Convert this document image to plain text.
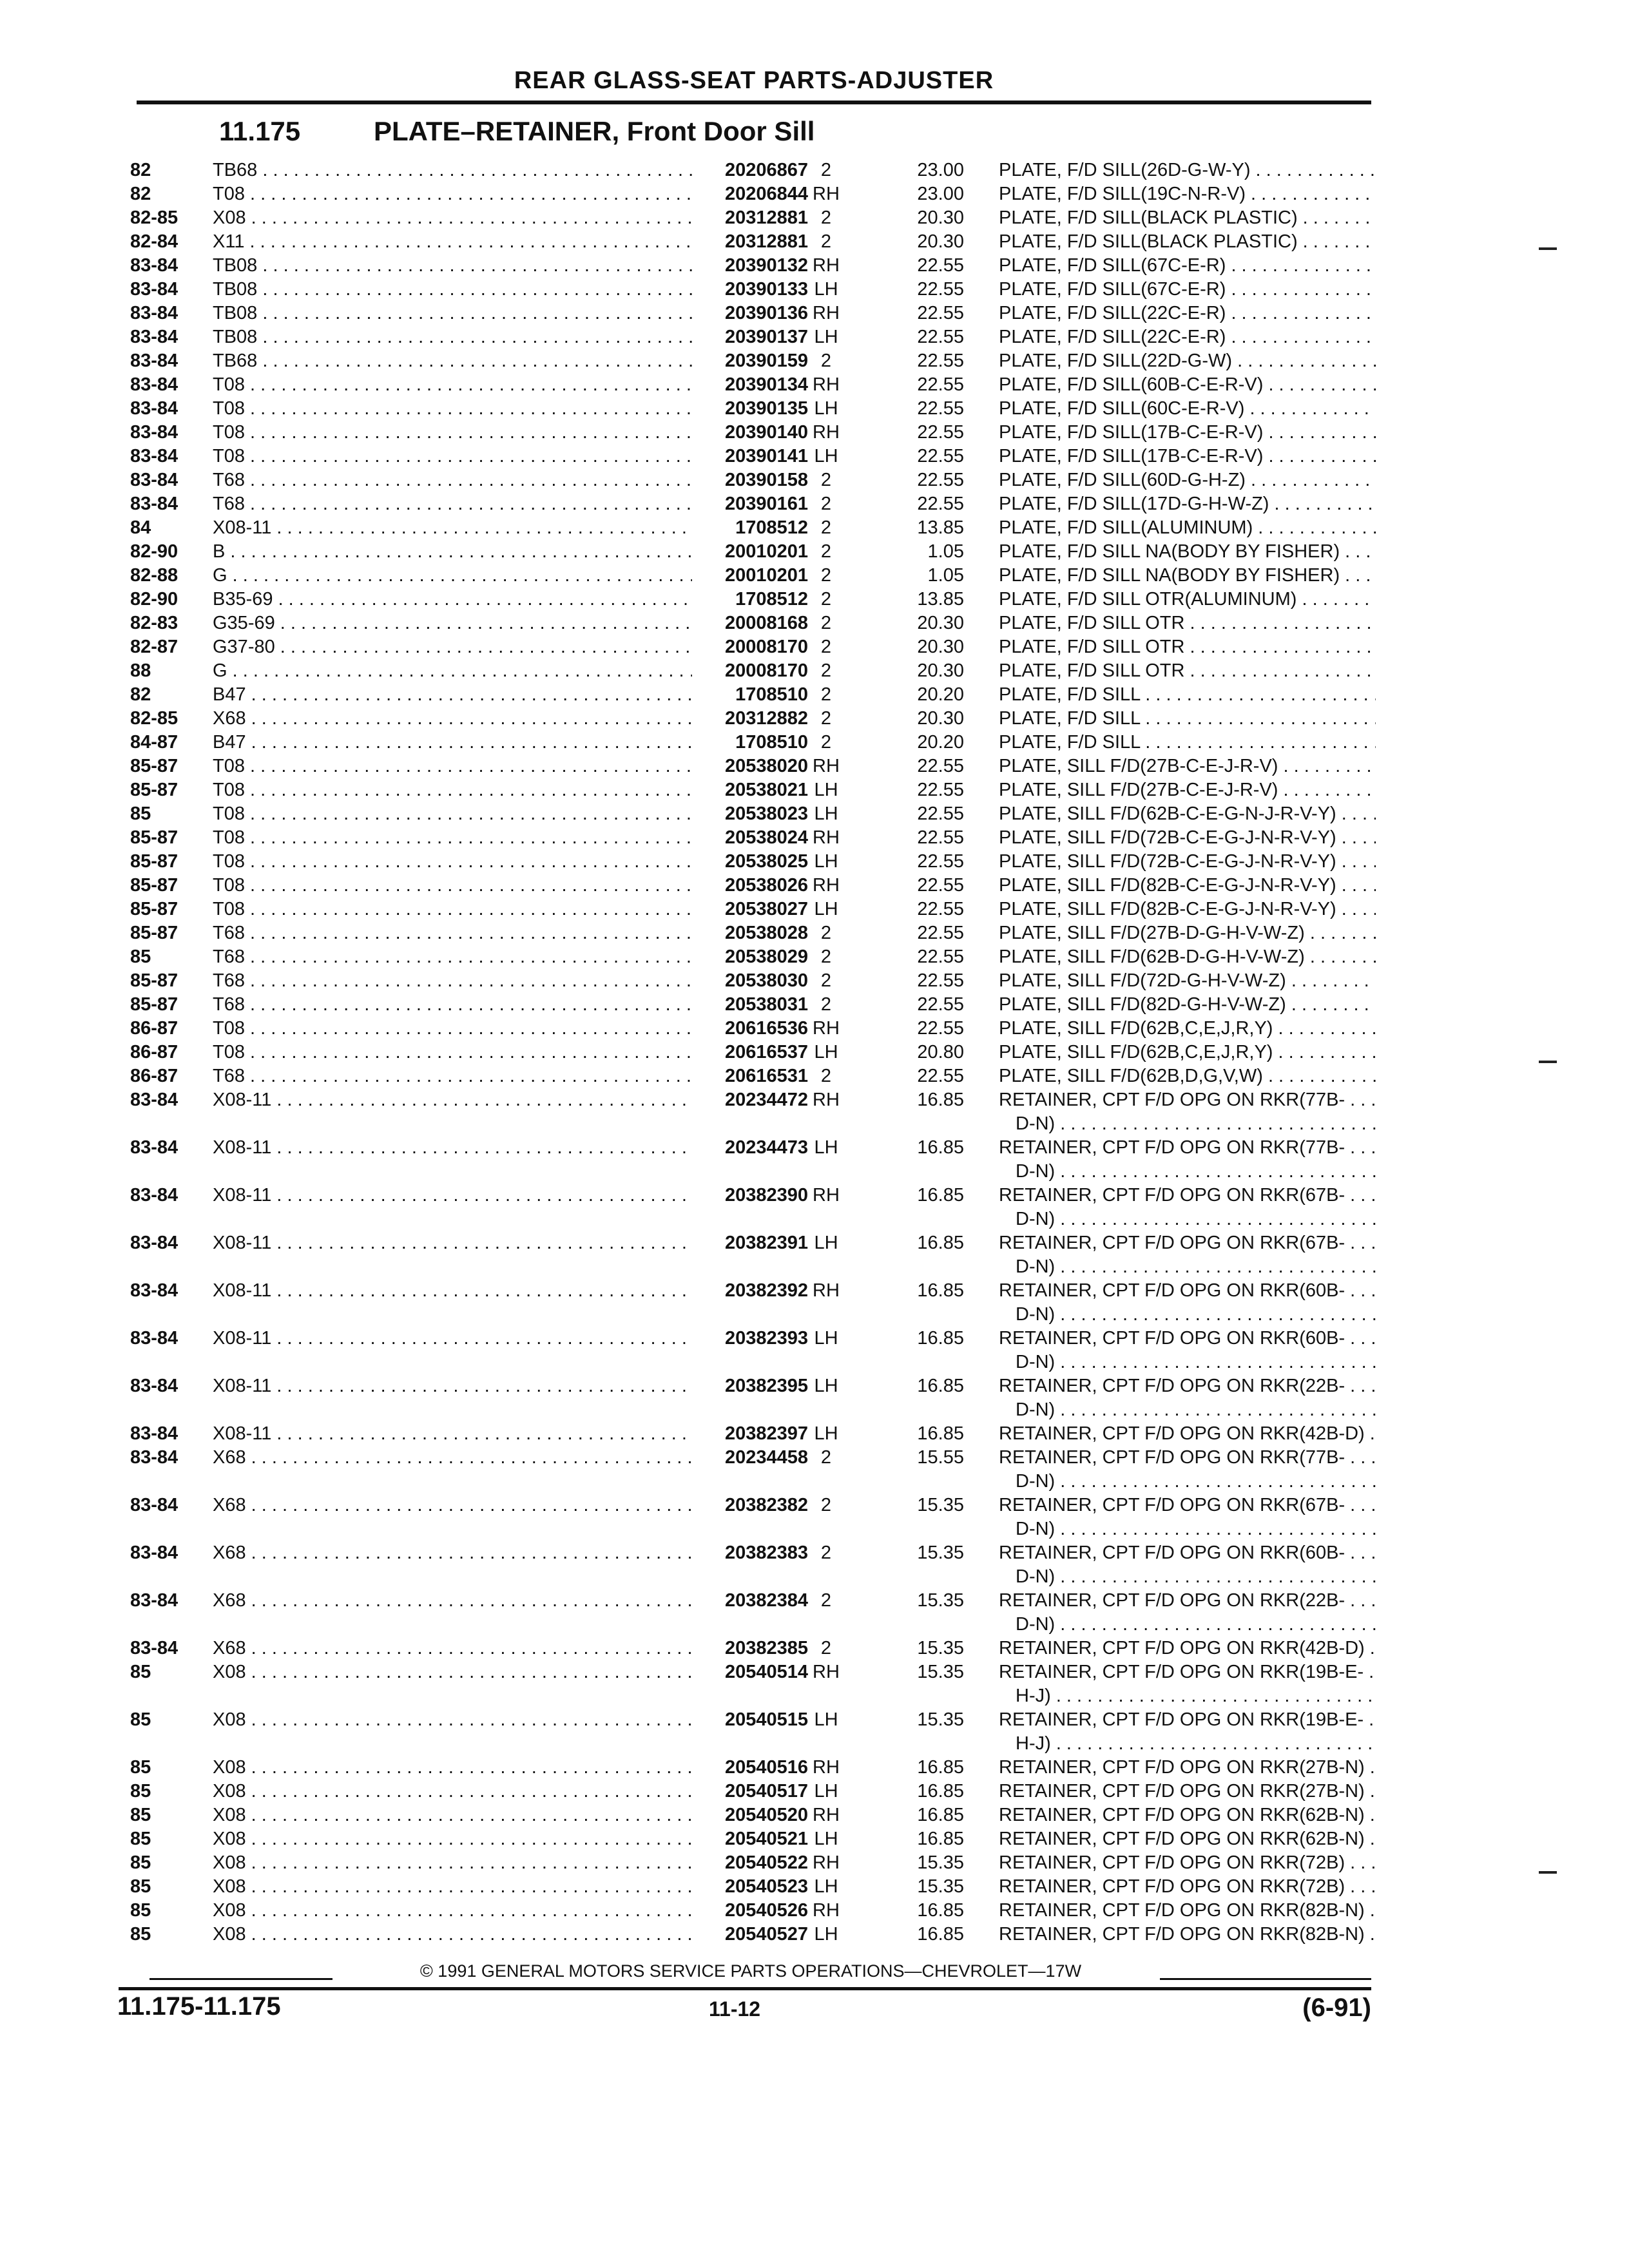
REAR GLASS-SEAT PARTS-ADJUSTER
11.175	PLATE–RETAINER, Front Door Sill
82	TB68 . . .	20206867 2	23.00 PLATE, F/D SILL(26D-G-W-Y) . . .
82	T08 . . .	20206844 RH	23.00 PLATE, F/D SILL(19C-N-R-V) . . .
82-85	X08 . . .	20312881 2	20.30 PLATE, F/D SILL(BLACK PLASTIC) . . .
82-84	X11 . . .	20312881 2	20.30 PLATE, F/D SILL(BLACK PLASTIC) . . .
83-84	TB08 . . .	20390132 RH	22.55 PLATE, F/D SILL(67C-E-R) . . .
83-84	TB08 . . .	20390133 LH	22.55 PLATE, F/D SILL(67C-E-R) . . .
83-84	TB08 . . .	20390136 RH	22.55 PLATE, F/D SILL(22C-E-R) . . .
83-84	TB08 . . .	20390137 LH	22.55 PLATE, F/D SILL(22C-E-R) . . .
83-84	TB68 . . .	20390159 2	22.55 PLATE, F/D SILL(22D-G-W) . . .
83-84	T08 . . .	20390134 RH	22.55 PLATE, F/D SILL(60B-C-E-R-V) . . .
83-84	T08 . . .	20390135 LH	22.55 PLATE, F/D SILL(60C-E-R-V) . . .
83-84	T08 . . .	20390140 RH	22.55 PLATE, F/D SILL(17B-C-E-R-V) . . .
83-84	T08 . . .	20390141 LH	22.55 PLATE, F/D SILL(17B-C-E-R-V) . . .
83-84	T68 . . .	20390158 2	22.55 PLATE, F/D SILL(60D-G-H-Z) . . .
83-84	T68 . . .	20390161 2	22.55 PLATE, F/D SILL(17D-G-H-W-Z) . . .
84	X08-11 . . .	1708512 2	13.85 PLATE, F/D SILL(ALUMINUM) . . .
82-90	B . . .	20010201 2	1.05 PLATE, F/D SILL NA(BODY BY FISHER) . . .
82-88	G . . .	20010201 2	1.05 PLATE, F/D SILL NA(BODY BY FISHER) . . .
82-90	B35-69 . . .	1708512 2	13.85 PLATE, F/D SILL OTR(ALUMINUM) . . .
82-83	G35-69 . . .	20008168 2	20.30 PLATE, F/D SILL OTR . . .
82-87	G37-80 . . .	20008170 2	20.30 PLATE, F/D SILL OTR . . .
88	G . . .	20008170 2	20.30 PLATE, F/D SILL OTR . . .
82	B47 . . .	1708510 2	20.20 PLATE, F/D SILL . . .
82-85	X68 . . .	20312882 2	20.30 PLATE, F/D SILL . . .
84-87	B47 . . .	1708510 2	20.20 PLATE, F/D SILL . . .
85-87	T08 . . .	20538020 RH	22.55 PLATE, SILL F/D(27B-C-E-J-R-V) . . .
85-87	T08 . . .	20538021 LH	22.55 PLATE, SILL F/D(27B-C-E-J-R-V) . . .
85	T08 . . .	20538023 LH	22.55 PLATE, SILL F/D(62B-C-E-G-N-J-R-V-Y) . . .
85-87	T08 . . .	20538024 RH	22.55 PLATE, SILL F/D(72B-C-E-G-J-N-R-V-Y) . . .
85-87	T08 . . .	20538025 LH	22.55 PLATE, SILL F/D(72B-C-E-G-J-N-R-V-Y) . . .
85-87	T08 . . .	20538026 RH	22.55 PLATE, SILL F/D(82B-C-E-G-J-N-R-V-Y) . . .
85-87	T08 . . .	20538027 LH	22.55 PLATE, SILL F/D(82B-C-E-G-J-N-R-V-Y) . . .
85-87	T68 . . .	20538028 2	22.55 PLATE, SILL F/D(27B-D-G-H-V-W-Z) . . .
85	T68 . . .	20538029 2	22.55 PLATE, SILL F/D(62B-D-G-H-V-W-Z) . . .
85-87	T68 . . .	20538030 2	22.55 PLATE, SILL F/D(72D-G-H-V-W-Z) . . .
85-87	T68 . . .	20538031 2	22.55 PLATE, SILL F/D(82D-G-H-V-W-Z) . . .
86-87	T08 . . .	20616536 RH	22.55 PLATE, SILL F/D(62B,C,E,J,R,Y) . . .
86-87	T08 . . .	20616537 LH	20.80 PLATE, SILL F/D(62B,C,E,J,R,Y) . . .
86-87	T68 . . .	20616531 2	22.55 PLATE, SILL F/D(62B,D,G,V,W) . . .
83-84	X08-11 . . .	20234472 RH	16.85 RETAINER, CPT F/D OPG ON RKR(77B- . . .
D-N) . . .
83-84	X08-11 . . .	20234473 LH	16.85 RETAINER, CPT F/D OPG ON RKR(77B- . . .
D-N) . . .
83-84	X08-11 . . .	20382390 RH	16.85 RETAINER, CPT F/D OPG ON RKR(67B- . . .
D-N) . . .
83-84	X08-11 . . .	20382391 LH	16.85 RETAINER, CPT F/D OPG ON RKR(67B- . . .
D-N) . . .
83-84	X08-11 . . .	20382392 RH	16.85 RETAINER, CPT F/D OPG ON RKR(60B- . . .
D-N) . . .
83-84	X08-11 . . .	20382393 LH	16.85 RETAINER, CPT F/D OPG ON RKR(60B- . . .
D-N) . . .
83-84	X08-11 . . .	20382395 LH	16.85 RETAINER, CPT F/D OPG ON RKR(22B- . . .
D-N) . . .
83-84	X08-11 . . .	20382397 LH	16.85 RETAINER, CPT F/D OPG ON RKR(42B-D) . . .
83-84	X68 . . .	20234458 2	15.55 RETAINER, CPT F/D OPG ON RKR(77B- . . .
D-N) . . .
83-84	X68 . . .	20382382 2	15.35 RETAINER, CPT F/D OPG ON RKR(67B- . . .
D-N) . . .
83-84	X68 . . .	20382383 2	15.35 RETAINER, CPT F/D OPG ON RKR(60B- . . .
D-N) . . .
83-84	X68 . . .	20382384 2	15.35 RETAINER, CPT F/D OPG ON RKR(22B- . . .
D-N) . . .
83-84	X68 . . .	20382385 2	15.35 RETAINER, CPT F/D OPG ON RKR(42B-D) . . .
85	X08 . . .	20540514 RH	15.35 RETAINER, CPT F/D OPG ON RKR(19B-E- . . .
H-J) . . .
85	X08 . . .	20540515 LH	15.35 RETAINER, CPT F/D OPG ON RKR(19B-E- . . .
H-J) . . .
85	X08 . . .	20540516 RH	16.85 RETAINER, CPT F/D OPG ON RKR(27B-N) . . .
85	X08 . . .	20540517 LH	16.85 RETAINER, CPT F/D OPG ON RKR(27B-N) . . .
85	X08 . . .	20540520 RH	16.85 RETAINER, CPT F/D OPG ON RKR(62B-N) . . .
85	X08 . . .	20540521 LH	16.85 RETAINER, CPT F/D OPG ON RKR(62B-N) . . .
85	X08 . . .	20540522 RH	15.35 RETAINER, CPT F/D OPG ON RKR(72B) . . .
85	X08 . . .	20540523 LH	15.35 RETAINER, CPT F/D OPG ON RKR(72B) . . .
85	X08 . . .	20540526 RH	16.85 RETAINER, CPT F/D OPG ON RKR(82B-N) . . .
85	X08 . . .	20540527 LH	16.85 RETAINER, CPT F/D OPG ON RKR(82B-N) . . .
© 1991 GENERAL MOTORS SERVICE PARTS OPERATIONS—CHEVROLET—17W
11.175-11.175	11-12	(6-91)
